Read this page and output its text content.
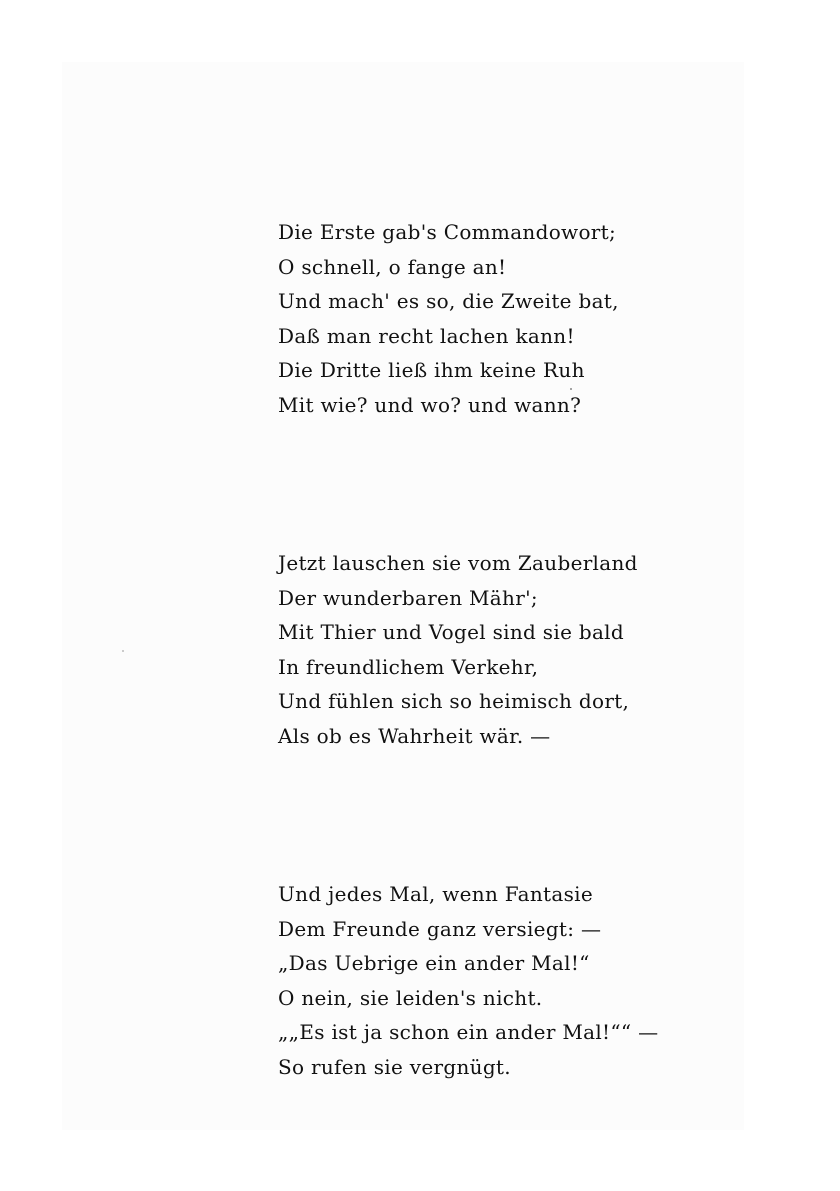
Die Erste gab's Commandowort;
O schnell, o fange an!
Und mach' es so, die Zweite bat,
Daß man recht lachen kann!
Die Dritte ließ ihm keine Ruh
Mit wie? und wo? und wann?
Jetzt lauschen sie vom Zauberland
Der wunderbaren Mähr';
Mit Thier und Vogel sind sie bald
In freundlichem Verkehr,
Und fühlen sich so heimisch dort,
Als ob es Wahrheit wär. —
Und jedes Mal, wenn Fantasie
Dem Freunde ganz versiegt: —
„Das Uebrige ein ander Mal!“
O nein, sie leiden's nicht.
„„Es ist ja schon ein ander Mal!““ —
So rufen sie vergnügt.
